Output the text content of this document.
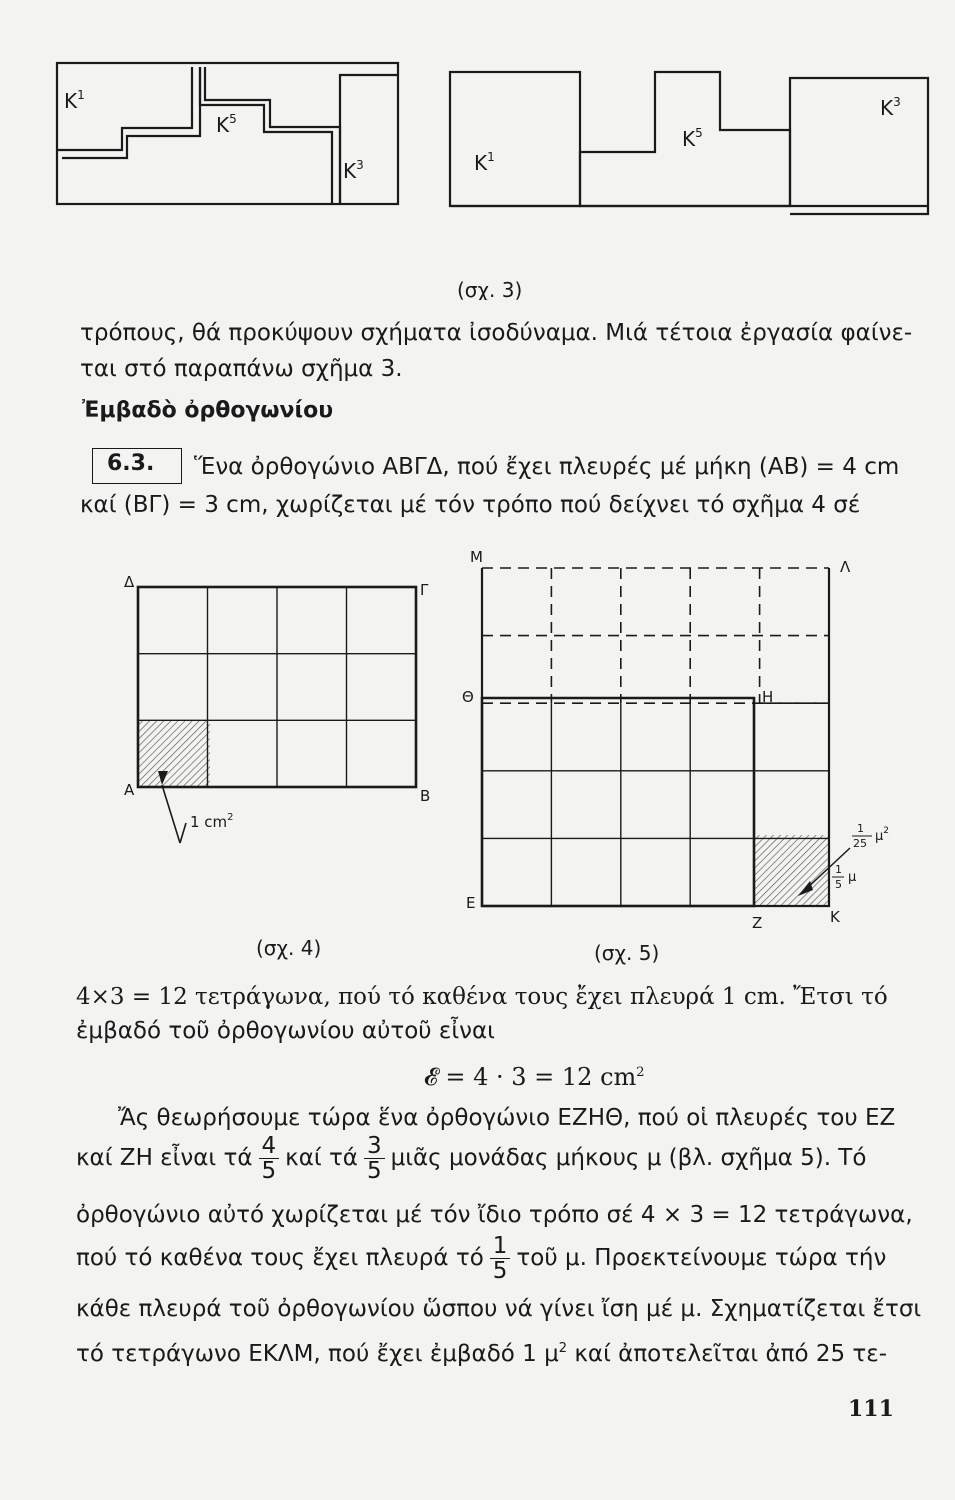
$K^1$
$K^5$
$K^3$	$K^1$
$K^5$
$K^3$
(σχ. 3)
τρόπους, θά προκύψουν σχήματα ἰσοδύναμα. Μιά τέτοια ἐργασία φαίνε-
ται στό παραπάνω σχῆμα 3.
Ἐμβαδὸ ὀρθογωνίου
6.3. Ἕνα ὀρθογώνιο ΑΒΓΔ, πού ἔχει πλευρές μέ μήκη (ΑΒ) = 4 cm
καί (ΒΓ) = 3 cm, χωρίζεται μέ τόν τρόπο πού δείχνει τό σχῆμα 4 σέ
Δ	Γ
Α	Β
1 $cm^2$
(σχ. 4)
Μ
Λ
Θ	Η
Ε
Ζ	Κ
1
25 $\mu^2$
1
5 μ
(σχ. 5)
4×3 = 12 τετράγωνα, πού τό καθένα τους ἔχει πλευρά 1 cm. Ἔτσι τό
ἐμβαδό τοῦ ὀρθογωνίου αὐτοῦ εἶναι
𝓔 = 4 · 3 = 12 $cm^2$
Ἄς θεωρήσουμε τώρα ἕνα ὀρθογώνιο ΕΖΗΘ, πού οἱ πλευρές του ΕΖ
καί ΖΗ εἶναι τά $\frac{4}{5}$ καί τά $\frac{3}{5}$ μιᾶς μονάδας μήκους μ (βλ. σχῆμα 5). Τό
ὀρθογώνιο αὐτό χωρίζεται μέ τόν ἴδιο τρόπο σέ 4 × 3 = 12 τετράγωνα,
πού τό καθένα τους ἔχει πλευρά τό $\frac{1}{5}$ τοῦ μ. Προεκτείνουμε τώρα τήν
κάθε πλευρά τοῦ ὀρθογωνίου ὥσπου νά γίνει ἴση μέ μ. Σχηματίζεται ἔτσι
τό τετράγωνο ΕΚΛΜ, πού ἔχει ἐμβαδό 1 $\mu^2$ καί ἀποτελεῖται ἀπό 25 τε-
111
